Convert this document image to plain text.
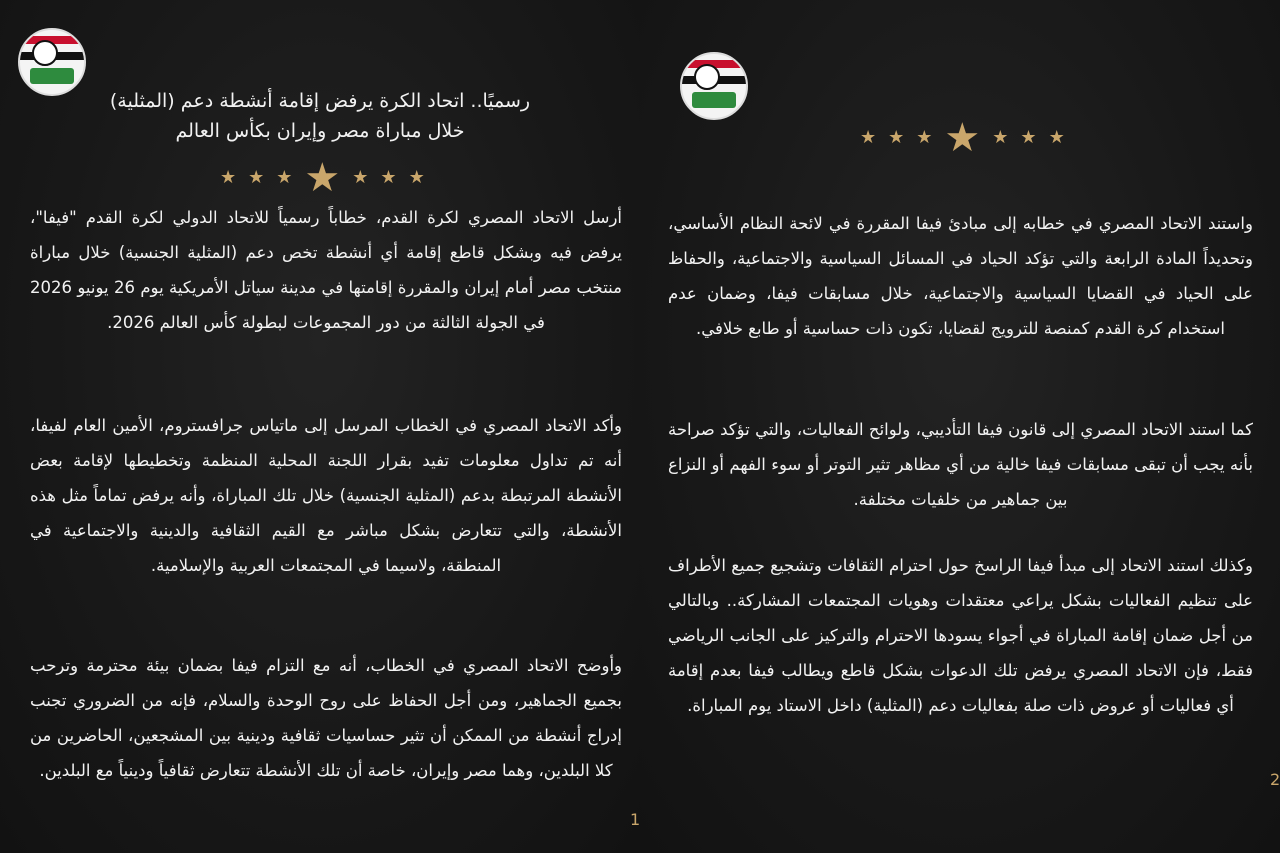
رسميًا.. اتحاد الكرة يرفض إقامة أنشطة دعم (المثلية)
خلال مباراة مصر وإيران بكأس العالم
★ ★ ★ ★ ★ ★ ★

أرسل الاتحاد المصري لكرة القدم، خطاباً رسمياً للاتحاد الدولي لكرة القدم "فيفا"، يرفض فيه وبشكل قاطع إقامة أي أنشطة تخص دعم (المثلية الجنسية) خلال مباراة منتخب مصر أمام إيران والمقررة إقامتها في مدينة سياتل الأمريكية يوم 26 يونيو 2026 في الجولة الثالثة من دور المجموعات لبطولة كأس العالم 2026.

وأكد الاتحاد المصري في الخطاب المرسل إلى ماتياس جرافستروم، الأمين العام لفيفا، أنه تم تداول معلومات تفيد بقرار اللجنة المحلية المنظمة وتخطيطها لإقامة بعض الأنشطة المرتبطة بدعم (المثلية الجنسية) خلال تلك المباراة، وأنه يرفض تماماً مثل هذه الأنشطة، والتي تتعارض بشكل مباشر مع القيم الثقافية والدينية والاجتماعية في المنطقة، ولاسيما في المجتمعات العربية والإسلامية.

وأوضح الاتحاد المصري في الخطاب، أنه مع التزام فيفا بضمان بيئة محترمة وترحب بجميع الجماهير، ومن أجل الحفاظ على روح الوحدة والسلام، فإنه من الضروري تجنب إدراج أنشطة من الممكن أن تثير حساسيات ثقافية ودينية بين المشجعين، الحاضرين من كلا البلدين، وهما مصر وإيران، خاصة أن تلك الأنشطة تتعارض ثقافياً ودينياً مع البلدين.

1
★ ★ ★ ★ ★ ★ ★

واستند الاتحاد المصري في خطابه إلى مبادئ فيفا المقررة في لائحة النظام الأساسي، وتحديداً المادة الرابعة والتي تؤكد الحياد في المسائل السياسية والاجتماعية، والحفاظ على الحياد في القضايا السياسية والاجتماعية، خلال مسابقات فيفا، وضمان عدم استخدام كرة القدم كمنصة للترويج لقضايا، تكون ذات حساسية أو طابع خلافي.

كما استند الاتحاد المصري إلى قانون فيفا التأديبي، ولوائح الفعاليات، والتي تؤكد صراحة بأنه يجب أن تبقى مسابقات فيفا خالية من أي مظاهر تثير التوتر أو سوء الفهم أو النزاع بين جماهير من خلفيات مختلفة.

وكذلك استند الاتحاد إلى مبدأ فيفا الراسخ حول احترام الثقافات وتشجيع جميع الأطراف على تنظيم الفعاليات بشكل يراعي معتقدات وهويات المجتمعات المشاركة.. وبالتالي من أجل ضمان إقامة المباراة في أجواء يسودها الاحترام والتركيز على الجانب الرياضي فقط، فإن الاتحاد المصري يرفض تلك الدعوات بشكل قاطع ويطالب فيفا بعدم إقامة أي فعاليات أو عروض ذات صلة بفعاليات دعم (المثلية) داخل الاستاد يوم المباراة.

2
